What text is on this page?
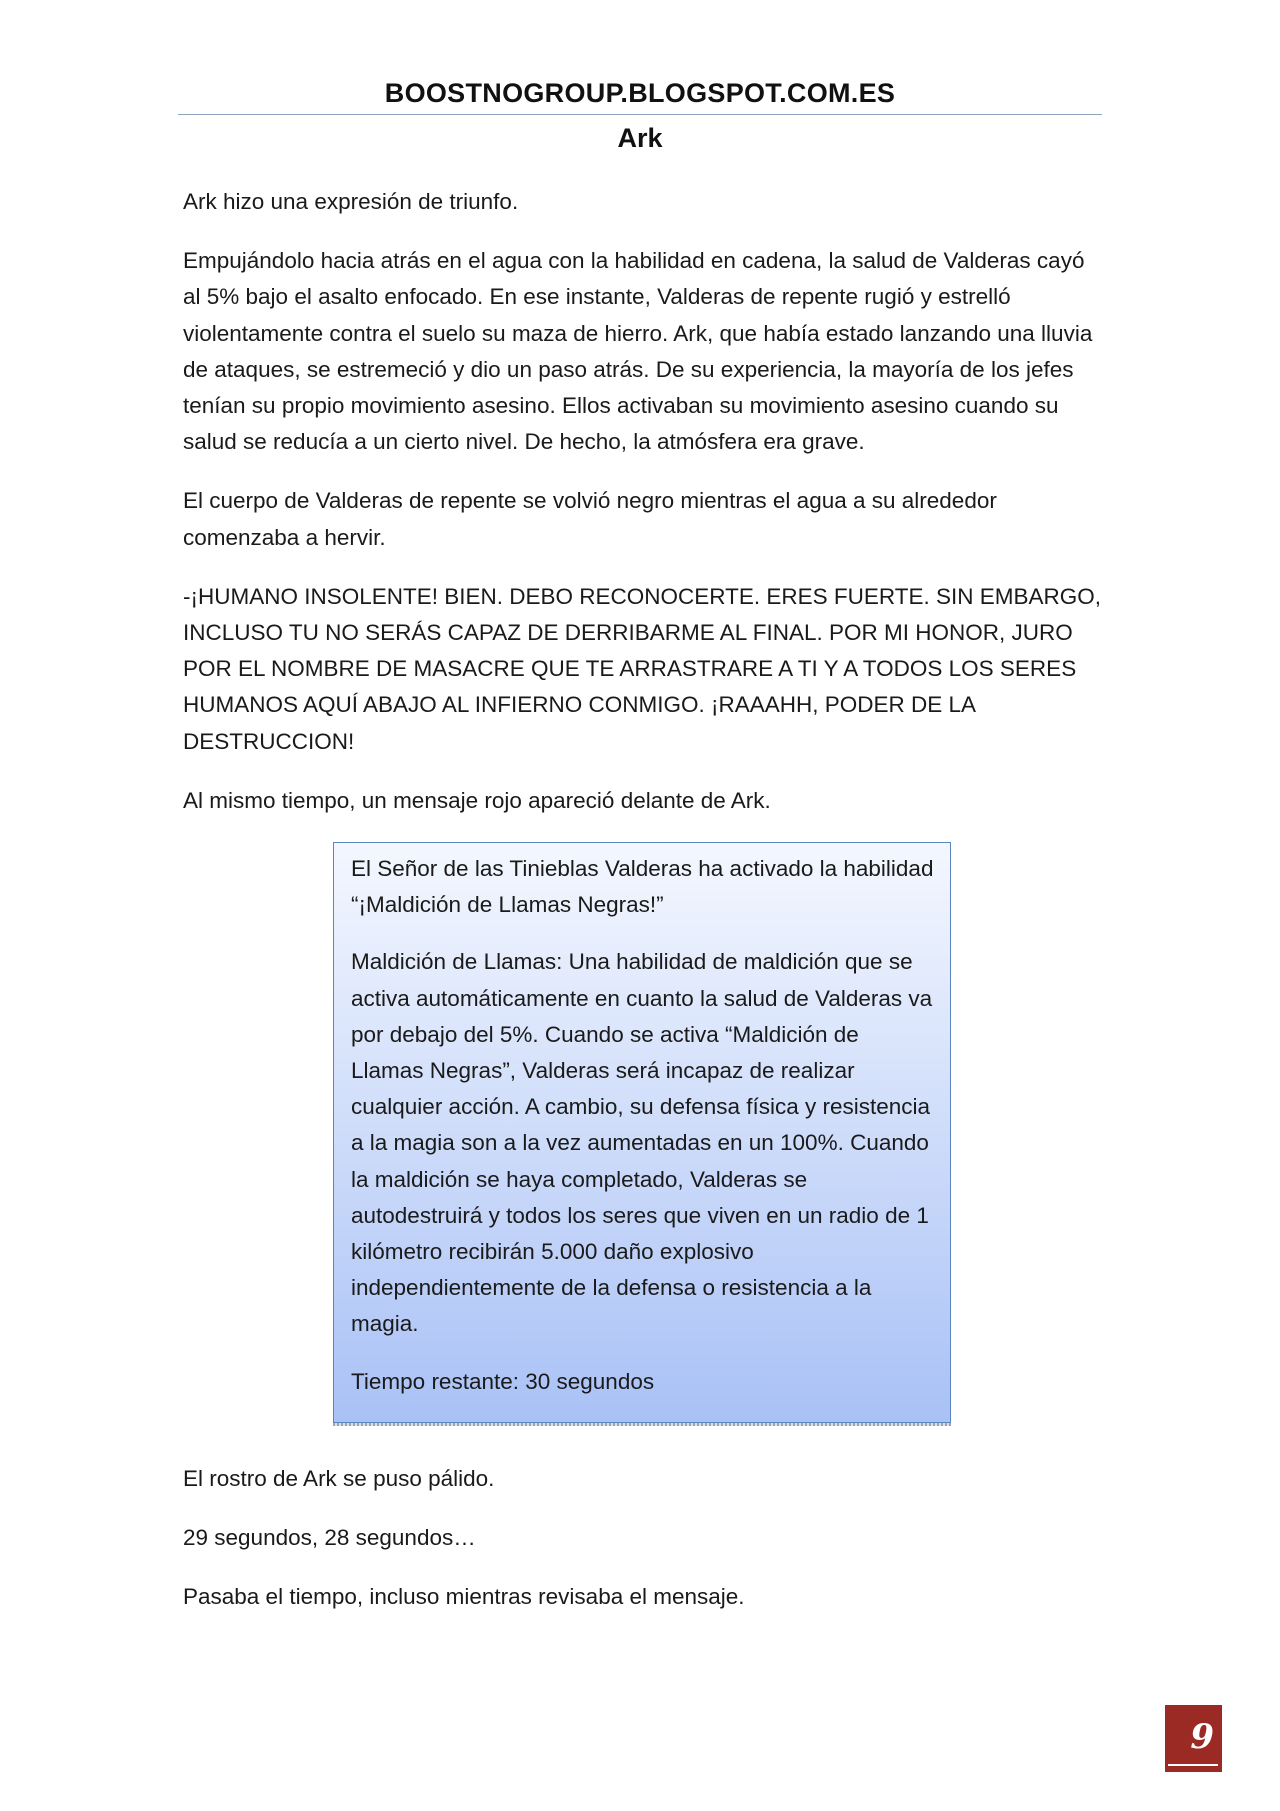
BOOSTNOGROUP.BLOGSPOT.COM.ES
Ark

Ark hizo una expresión de triunfo.

Empujándolo hacia atrás en el agua con la habilidad en cadena, la salud de Valderas cayó al 5% bajo el asalto enfocado. En ese instante, Valderas de repente rugió y estrelló violentamente contra el suelo su maza de hierro. Ark, que había estado lanzando una lluvia de ataques, se estremeció y dio un paso atrás. De su experiencia, la mayoría de los jefes tenían su propio movimiento asesino. Ellos activaban su movimiento asesino cuando su salud se reducía a un cierto nivel. De hecho, la atmósfera era grave.

El cuerpo de Valderas de repente se volvió negro mientras el agua a su alrededor comenzaba a hervir.

-¡HUMANO INSOLENTE! BIEN. DEBO RECONOCERTE. ERES FUERTE. SIN EMBARGO, INCLUSO TU NO SERÁS CAPAZ DE DERRIBARME AL FINAL. POR MI HONOR, JURO POR EL NOMBRE DE MASACRE QUE TE ARRASTRARE A TI Y A TODOS LOS SERES HUMANOS AQUÍ ABAJO AL INFIERNO CONMIGO. ¡RAAAHH, PODER DE LA DESTRUCCION!

Al mismo tiempo, un mensaje rojo apareció delante de Ark.

El Señor de las Tinieblas Valderas ha activado la habilidad “¡Maldición de Llamas Negras!”

Maldición de Llamas: Una habilidad de maldición que se activa automáticamente en cuanto la salud de Valderas va por debajo del 5%. Cuando se activa “Maldición de Llamas Negras”, Valderas será incapaz de realizar cualquier acción. A cambio, su defensa física y resistencia a la magia son a la vez aumentadas en un 100%. Cuando la maldición se haya completado, Valderas se autodestruirá y todos los seres que viven en un radio de 1 kilómetro recibirán 5.000 daño explosivo independientemente de la defensa o resistencia a la magia.

Tiempo restante: 30 segundos

El rostro de Ark se puso pálido.

29 segundos, 28 segundos…

Pasaba el tiempo, incluso mientras revisaba el mensaje.

9
